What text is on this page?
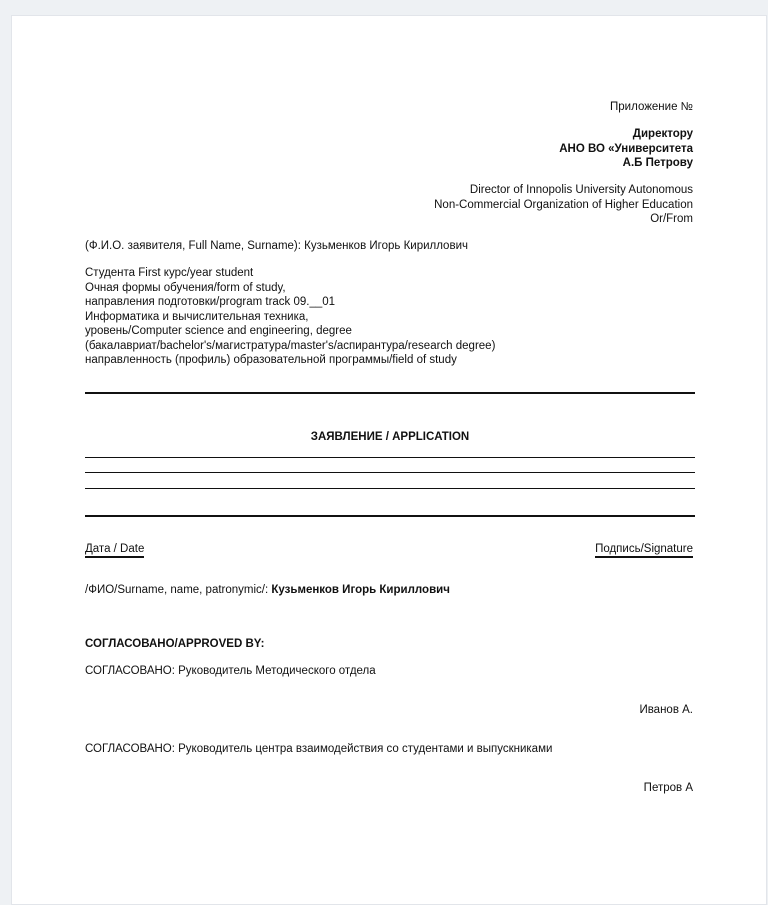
Приложение №
Директору
АНО ВО «Университета
А.Б Петрову
Director of Innopolis University Autonomous
Non-Commercial Organization of Higher Education
Or/From
(Ф.И.О. заявителя, Full Name, Surname): Кузьменков Игорь Кириллович
Студента First курс/year student
Очная формы обучения/form of study,
направления подготовки/program track 09.__01
Информатика и вычислительная техника,
уровень/Computer science and engineering, degree
(бакалавриат/bachelor's/магистратура/master's/аспирантура/research degree)
направленность (профиль) образовательной программы/field of study
ЗАЯВЛЕНИЕ / APPLICATION
Дата / Date	Подпись/Signature
/ФИО/Surname, name, patronymic/: Кузьменков Игорь Кириллович
СОГЛАСОВАНО/APPROVED BY:
СОГЛАСОВАНО: Руководитель Методического отдела
Иванов А.
СОГЛАСОВАНО: Руководитель центра взаимодействия со студентами и выпускниками
Петров А
